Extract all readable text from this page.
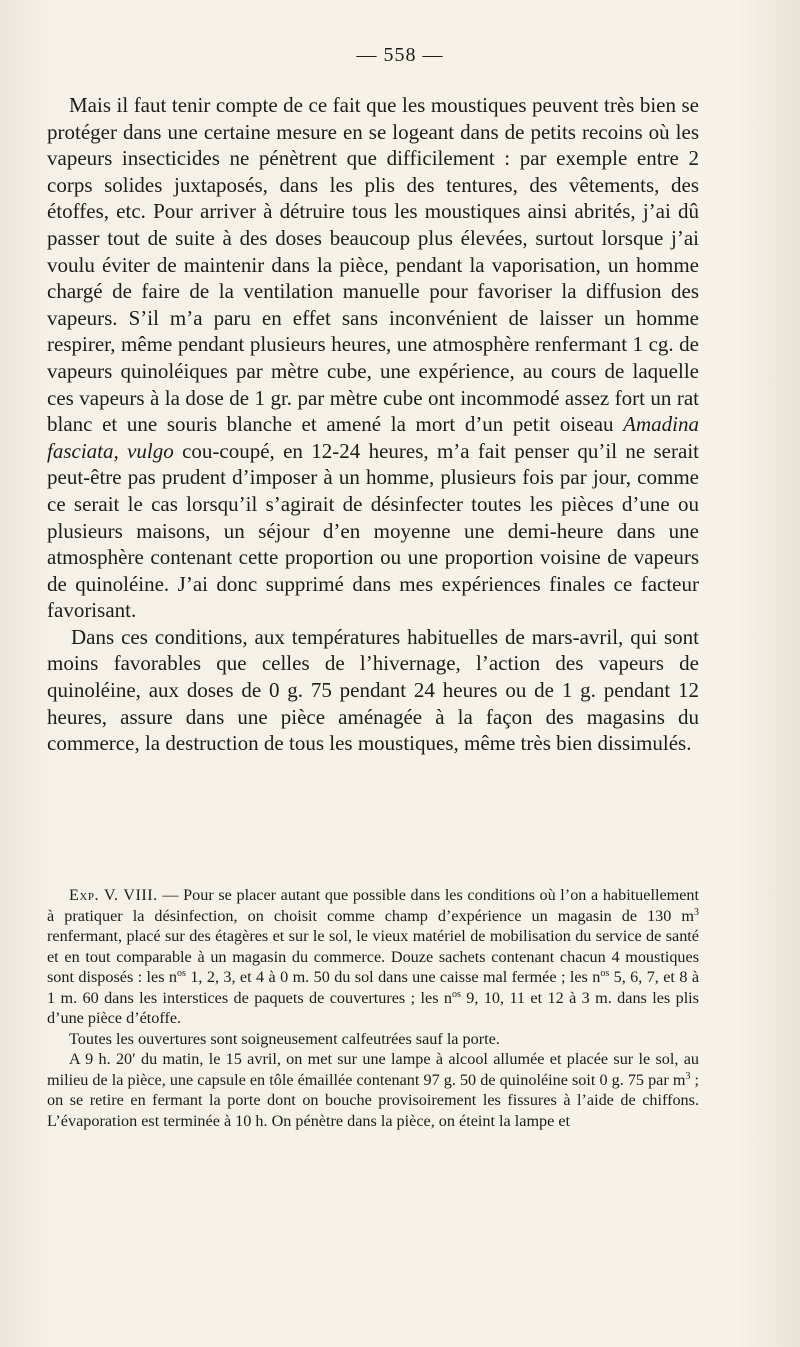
— 558 —

Mais il faut tenir compte de ce fait que les moustiques peuvent très bien se protéger dans une certaine mesure en se logeant dans de petits recoins où les vapeurs insecticides ne pénètrent que difficilement : par exemple entre 2 corps solides juxtaposés, dans les plis des tentures, des vêtements, des étoffes, etc. Pour arriver à détruire tous les moustiques ainsi abrités, j’ai dû passer tout de suite à des doses beaucoup plus élevées, surtout lorsque j’ai voulu éviter de maintenir dans la pièce, pendant la vaporisation, un homme chargé de faire de la ventilation manuelle pour favoriser la diffusion des vapeurs. S’il m’a paru en effet sans inconvénient de laisser un homme respirer, même pendant plusieurs heures, une atmosphère renfermant 1 cg. de vapeurs quinoléiques par mètre cube, une expérience, au cours de laquelle ces vapeurs à la dose de 1 gr. par mètre cube ont incommodé assez fort un rat blanc et une souris blanche et amené la mort d’un petit oiseau Amadina fasciata, vulgo cou-coupé, en 12-24 heures, m’a fait penser qu’il ne serait peut-être pas prudent d’imposer à un homme, plusieurs fois par jour, comme ce serait le cas lorsqu’il s’agirait de désinfecter toutes les pièces d’une ou plusieurs maisons, un séjour d’en moyenne une demi-heure dans une atmosphère contenant cette proportion ou une proportion voisine de vapeurs de quinoléine. J’ai donc supprimé dans mes expériences finales ce facteur favorisant.

Dans ces conditions, aux températures habituelles de mars-avril, qui sont moins favorables que celles de l’hivernage, l’action des vapeurs de quinoléine, aux doses de 0 g. 75 pendant 24 heures ou de 1 g. pendant 12 heures, assure dans une pièce aménagée à la façon des magasins du commerce, la destruction de tous les moustiques, même très bien dissimulés.

Exp. V. VIII. — Pour se placer autant que possible dans les conditions où l’on a habituellement à pratiquer la désinfection, on choisit comme champ d’expérience un magasin de 130 $m^3$ renfermant, placé sur des étagères et sur le sol, le vieux matériel de mobilisation du service de santé et en tout comparable à un magasin du commerce. Douze sachets contenant chacun 4 moustiques sont disposés : les $n^{os}$ 1, 2, 3, et 4 à 0 m. 50 du sol dans une caisse mal fermée ; les $n^{os}$ 5, 6, 7, et 8 à 1 m. 60 dans les interstices de paquets de couvertures ; les $n^{os}$ 9, 10, 11 et 12 à 3 m. dans les plis d’une pièce d’étoffe.

Toutes les ouvertures sont soigneusement calfeutrées sauf la porte.

A 9 h. 20′ du matin, le 15 avril, on met sur une lampe à alcool allumée et placée sur le sol, au milieu de la pièce, une capsule en tôle émaillée contenant 97 g. 50 de quinoléine soit 0 g. 75 par $m^3$ ; on se retire en fermant la porte dont on bouche provisoirement les fissures à l’aide de chiffons. L’évaporation est terminée à 10 h. On pénètre dans la pièce, on éteint la lampe et
